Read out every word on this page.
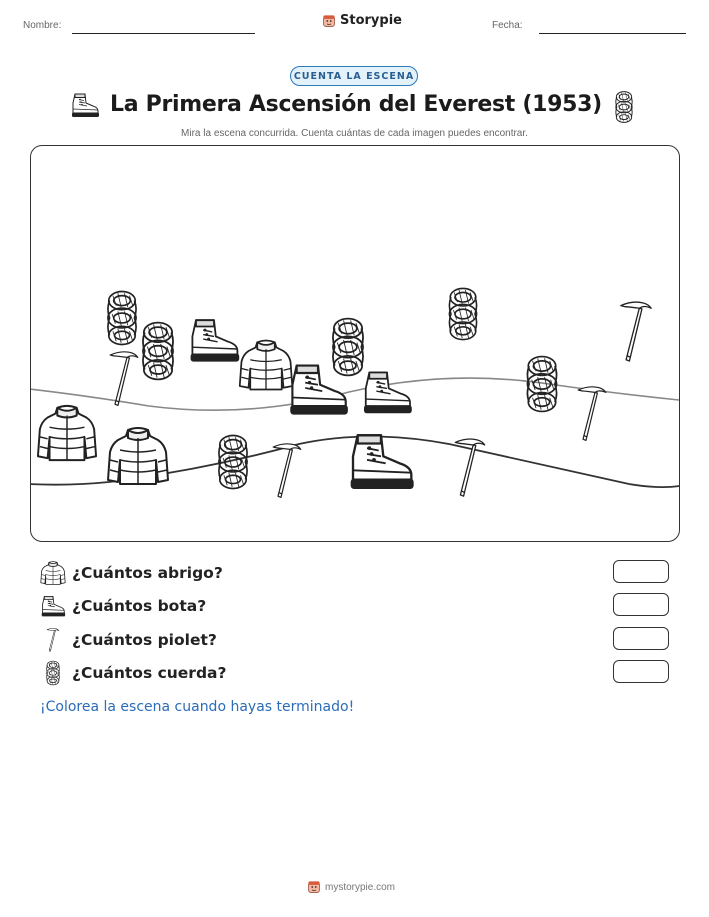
Nombre:	Storypie	Fecha:
CUENTA LA ESCENA
La Primera Ascensión del Everest (1953)
Mira la escena concurrida. Cuenta cuántas de cada imagen puedes encontrar.
¿Cuántos abrigo?
¿Cuántos bota?
¿Cuántos piolet?
¿Cuántos cuerda?
¡Colorea la escena cuando hayas terminado!
mystorypie.com
